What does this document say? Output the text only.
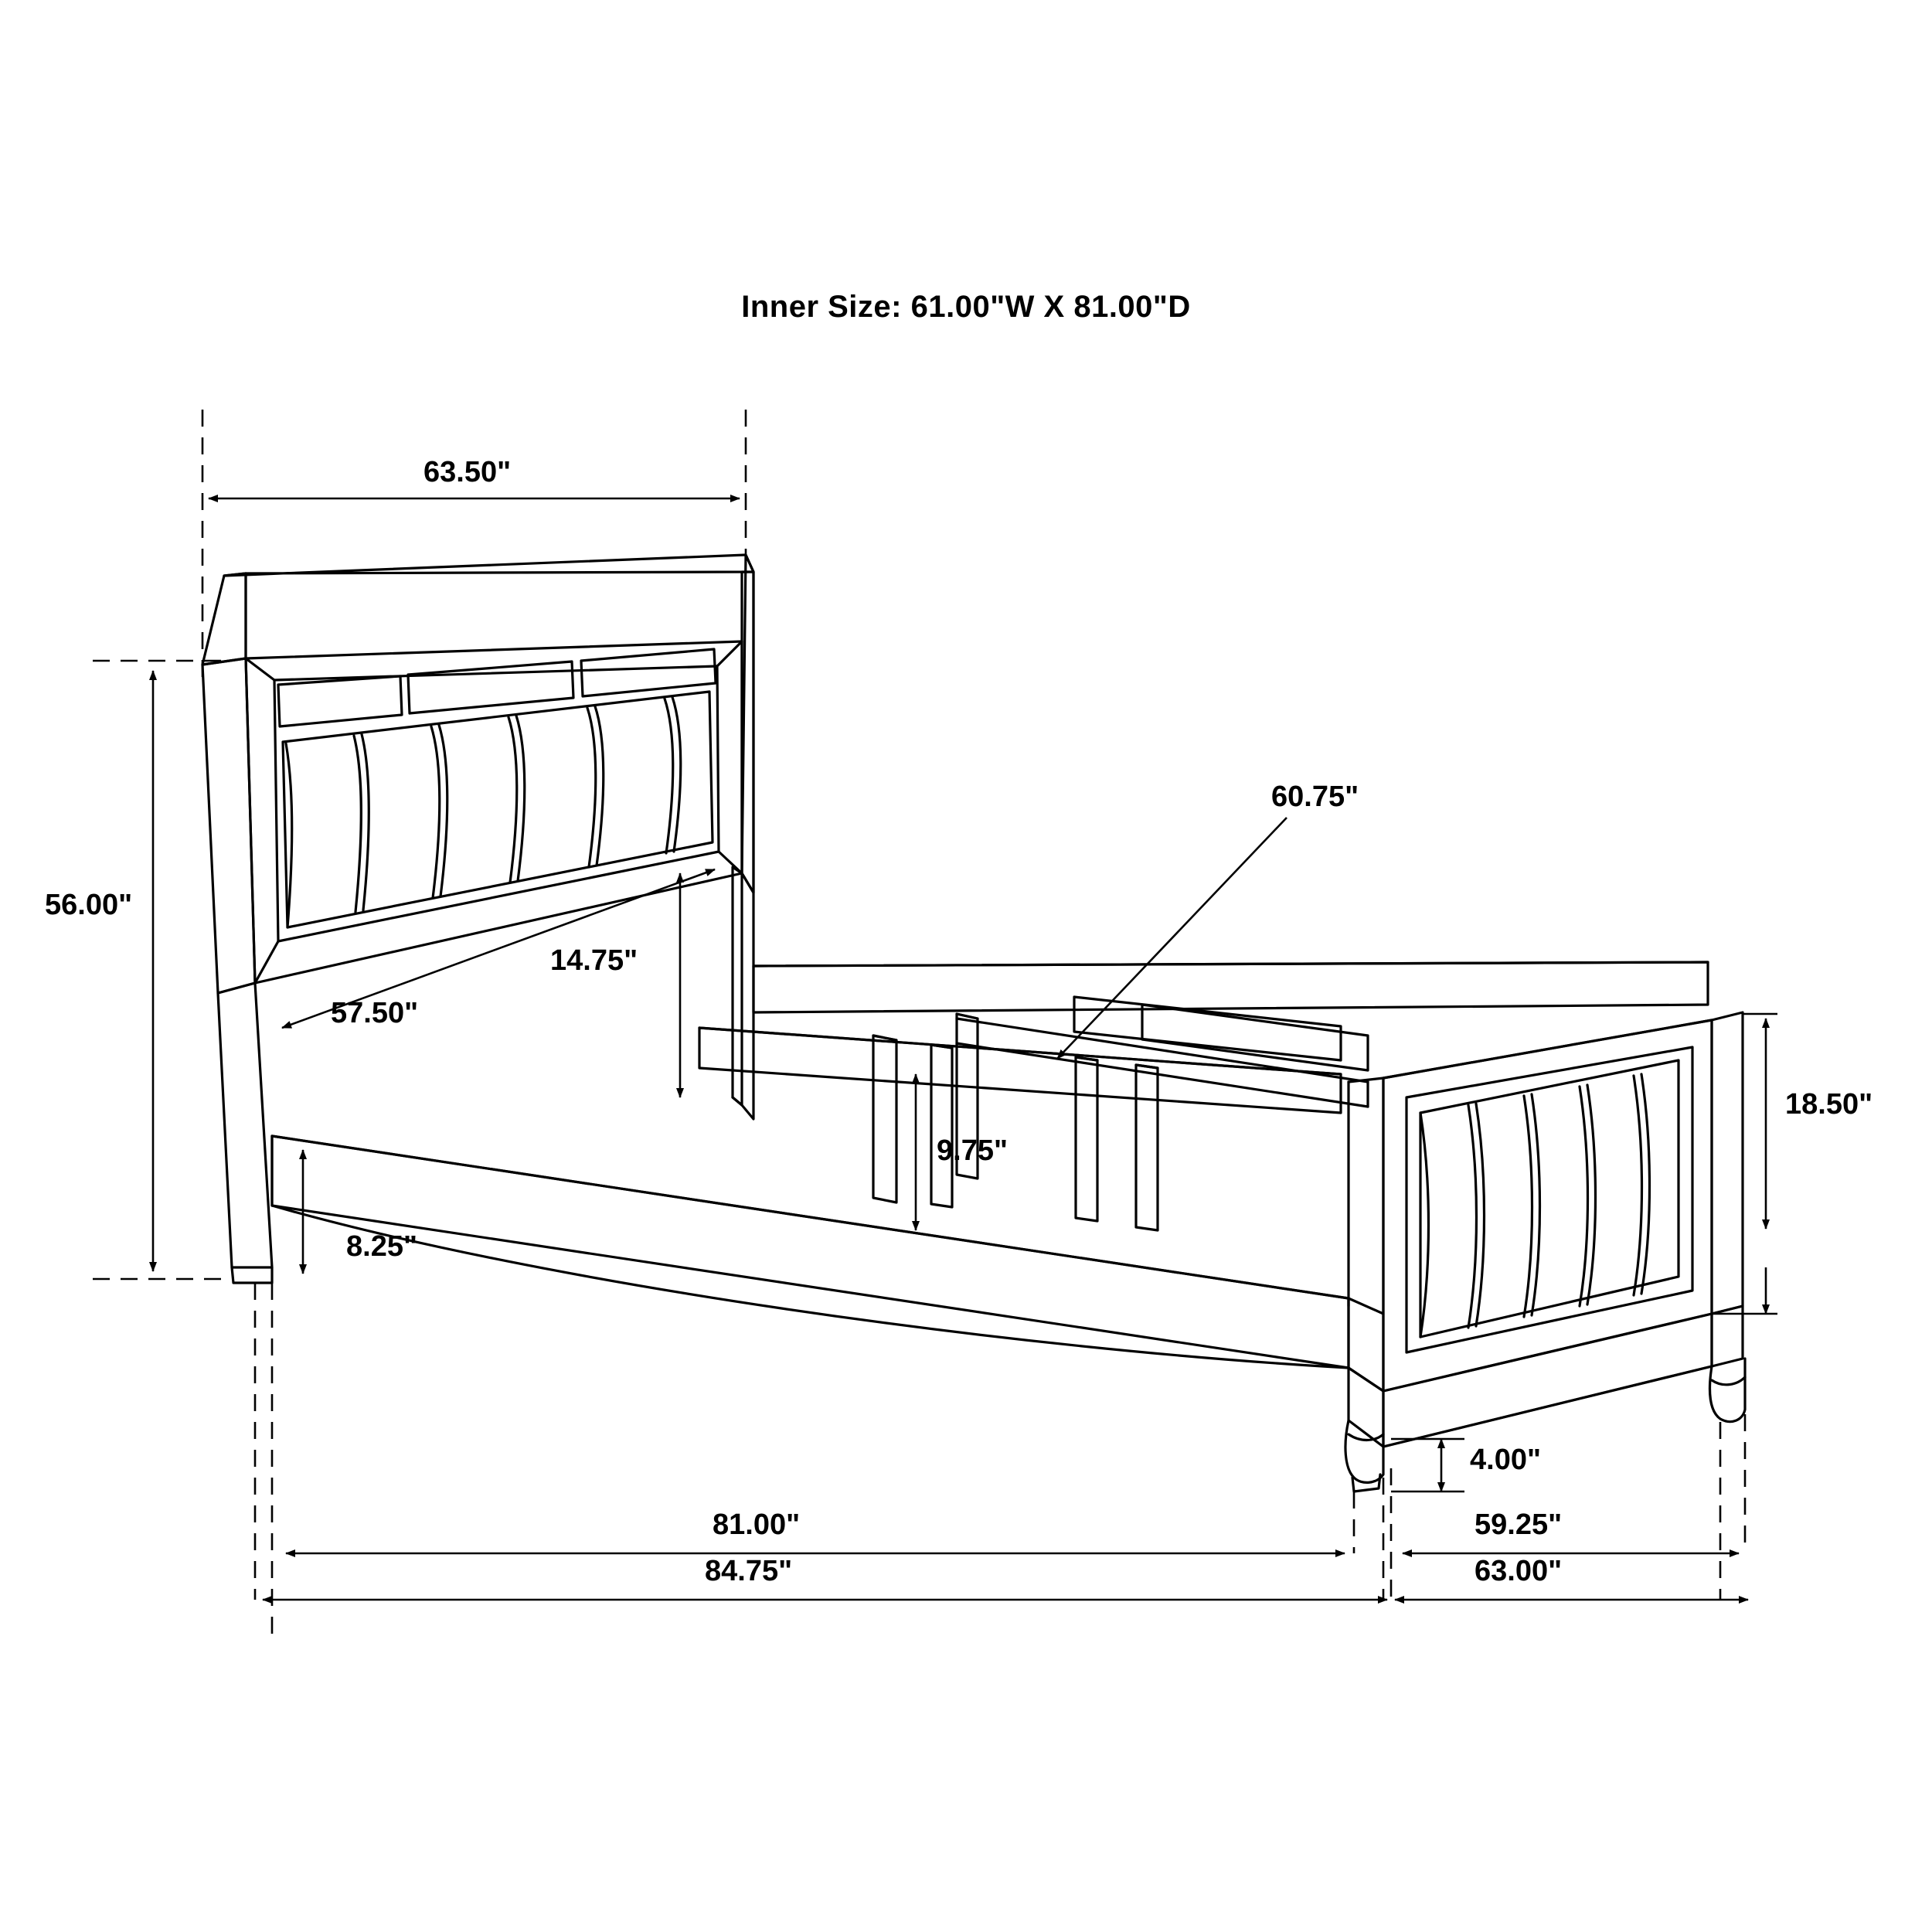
Inner Size: 61.00"W X 81.00"D
63.50"
56.00"
14.75"
57.50"
60.75"
9.75"
8.25"
18.50"
4.00"
81.00"
84.75"
59.25"
63.00"
